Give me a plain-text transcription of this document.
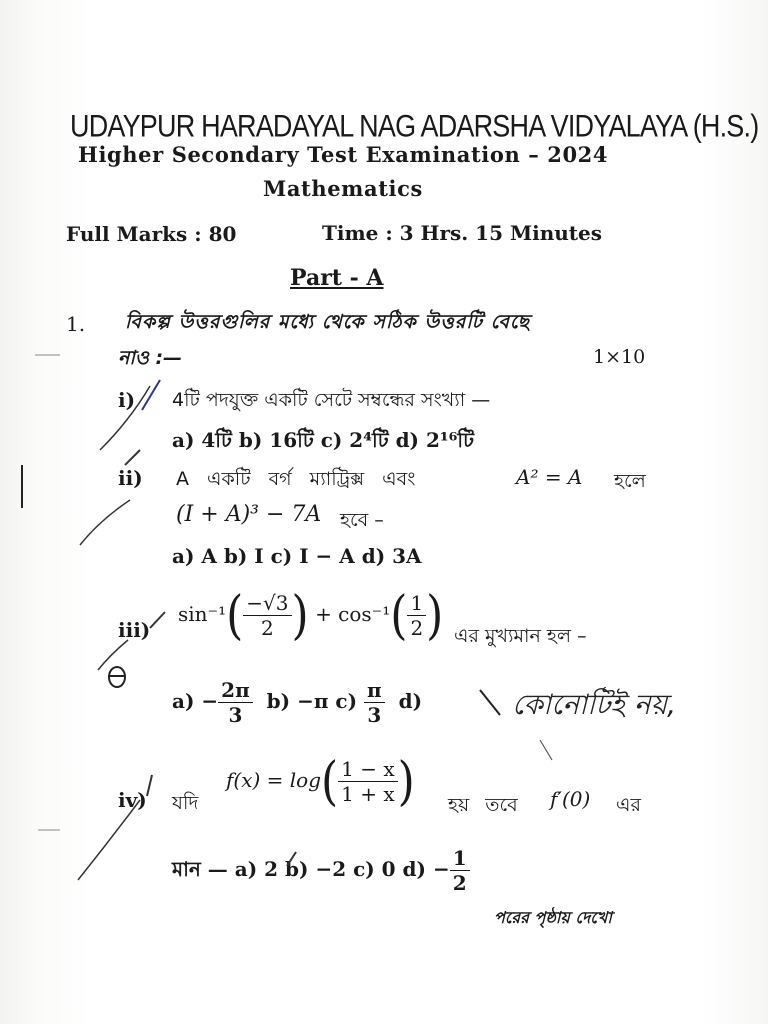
UDAYPUR HARADAYAL NAG ADARSHA VIDYALAYA (H.S.)
Higher Secondary Test Examination – 2024
Mathematics
Full Marks : 80	Time : 3 Hrs. 15 Minutes
Part - A
1. বিকল্প উত্তরগুলির মধ্যে থেকে সঠিক উত্তরটি বেছে
নাও :—	1×10
i) 4টি পদযুক্ত একটি সেটে সম্বন্ধের সংখ্যা —
a) 4টি b) 16টি c) 2⁴টি d) 2¹⁶টি
ii) A একটি বর্গ ম্যাট্রিক্স এবং	A² = A হলে
(I + A)³ − 7A হবে –
a) A b) I c) I − A d) 3A
iii)
$\sin^{-1}( \frac{-√3}{2}$ ) + $\cos^{-1}( \frac{1}{2}$ ) এর মুখ্যমান হল –
$a) - \frac{2\pi}{3} b) -\pi$ $c) \frac{\pi}{3} d$)	কোনোটিই নয়,
iv) যদি
$f(x) = \log( \frac{1 - x}{1 + x}$ ) হয় তবে f′(0) এর
মান — a) 2 b) −2 c) 0 $d) - \frac{1}{2}$
পরের পৃষ্ঠায় দেখো
